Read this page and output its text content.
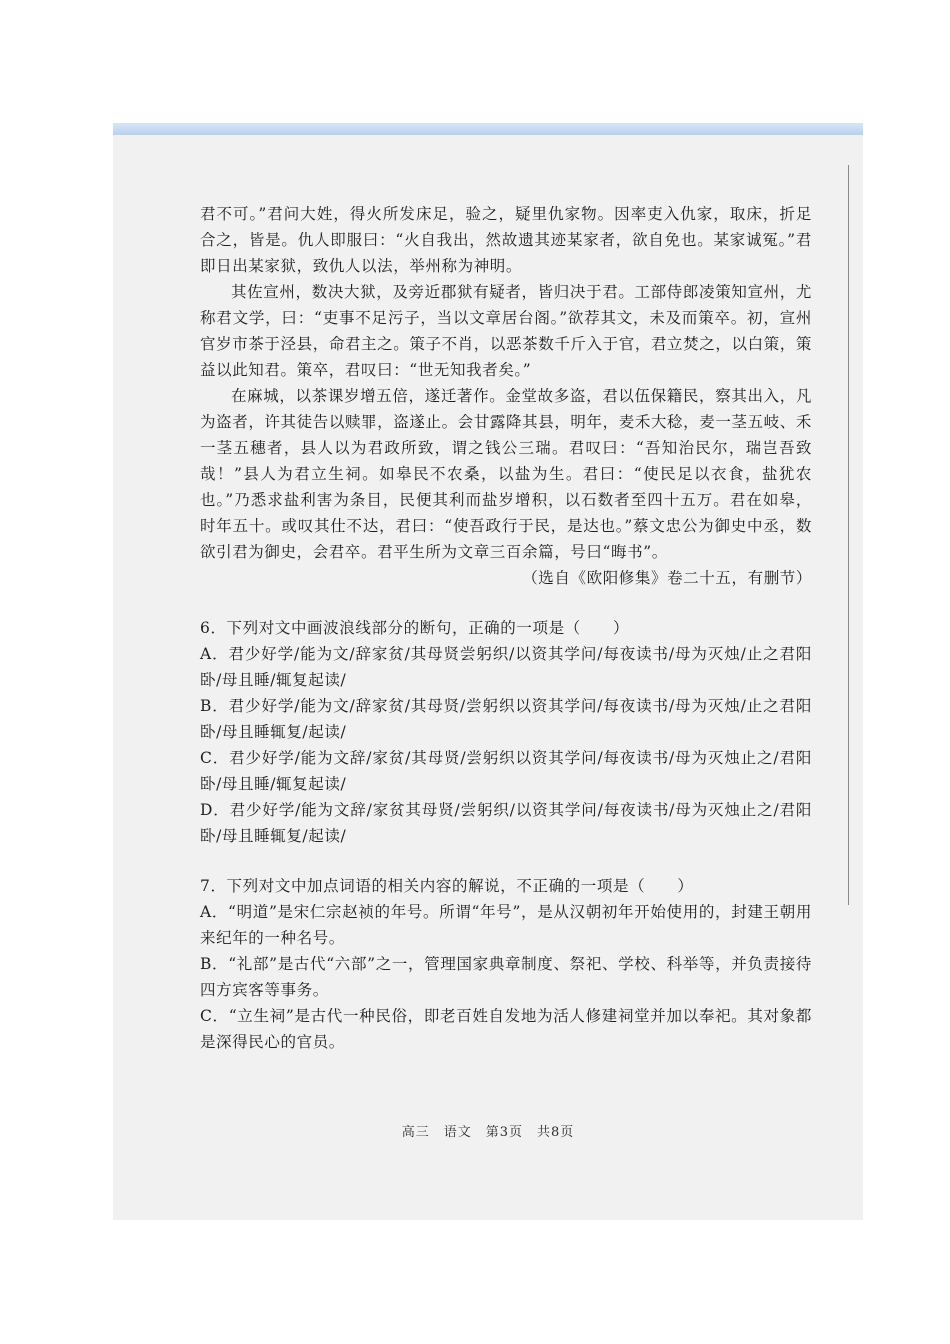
君不可。”君问大姓，得火所发床足，验之，疑里仇家物。因率吏入仇家，取床，折足合之，皆是。仇人即服曰：“火自我出，然故遗其迹某家者，欲自免也。某家诚冤。”君即日出某家狱，致仇人以法，举州称为神明。

其佐宣州，数决大狱，及旁近郡狱有疑者，皆归决于君。工部侍郎凌策知宣州，尤称君文学，曰：“吏事不足污子，当以文章居台阁。”欲荐其文，未及而策卒。初，宣州官岁市茶于泾县，命君主之。策子不肖，以恶茶数千斤入于官，君立焚之，以白策，策益以此知君。策卒，君叹曰：“世无知我者矣。”

在麻城，以茶课岁增五倍，遂迁著作。金堂故多盗，君以伍保籍民，察其出入，凡为盗者，许其徒告以赎罪，盗遂止。会甘露降其县，明年，麦禾大稔，麦一茎五岐、禾一茎五穗者，县人以为君政所致，谓之钱公三瑞。君叹曰：“吾知治民尔，瑞岂吾致哉！”县人为君立生祠。如皋民不农桑，以盐为生。君曰：“使民足以衣食，盐犹农也。”乃悉求盐利害为条目，民便其利而盐岁增积，以石数者至四十五万。君在如皋，时年五十。或叹其仕不达，君曰：“使吾政行于民，是达也。”蔡文忠公为御史中丞，数欲引君为御史，会君卒。君平生所为文章三百余篇，号曰“晦书”。

（选自《欧阳修集》卷二十五，有删节）

6．下列对文中画波浪线部分的断句，正确的一项是（　　）

A．君少好学/能为文/辞家贫/其母贤尝躬织/以资其学问/每夜读书/母为灭烛/止之君阳卧/母且睡/辄复起读/

B．君少好学/能为文/辞家贫/其母贤/尝躬织以资其学问/每夜读书/母为灭烛/止之君阳卧/母且睡辄复/起读/

C．君少好学/能为文辞/家贫/其母贤/尝躬织以资其学问/每夜读书/母为灭烛止之/君阳卧/母且睡/辄复起读/

D．君少好学/能为文辞/家贫其母贤/尝躬织/以资其学问/每夜读书/母为灭烛止之/君阳卧/母且睡辄复/起读/

7．下列对文中加点词语的相关内容的解说，不正确的一项是（　　）

A．“明道”是宋仁宗赵祯的年号。所谓“年号”，是从汉朝初年开始使用的，封建王朝用来纪年的一种名号。

B．“礼部”是古代“六部”之一，管理国家典章制度、祭祀、学校、科举等，并负责接待四方宾客等事务。

C．“立生祠”是古代一种民俗，即老百姓自发地为活人修建祠堂并加以奉祀。其对象都是深得民心的官员。

高三　语文　第3页　共8页
